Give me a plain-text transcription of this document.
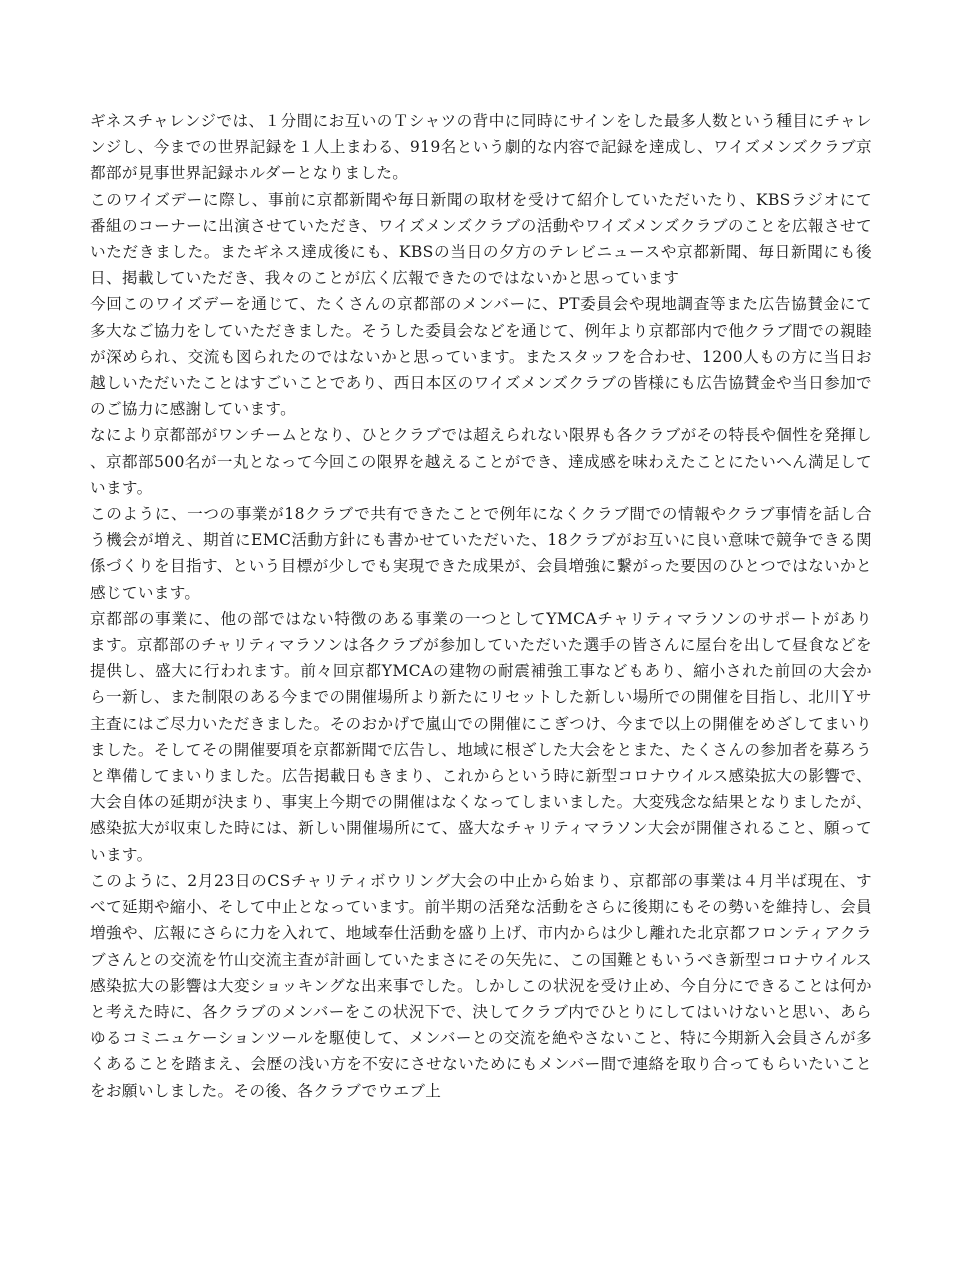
ギネスチャレンジでは、１分間にお互いのＴシャツの背中に同時にサインをした最多人数という種目にチャレンジし、今までの世界記録を１人上まわる、919名という劇的な内容で記録を達成し、ワイズメンズクラブ京都部が見事世界記録ホルダーとなりました。

このワイズデーに際し、事前に京都新聞や毎日新聞の取材を受けて紹介していただいたり、KBSラジオにて番組のコーナーに出演させていただき、ワイズメンズクラブの活動やワイズメンズクラブのことを広報させていただきました。またギネス達成後にも、KBSの当日の夕方のテレビニュースや京都新聞、毎日新聞にも後日、掲載していただき、我々のことが広く広報できたのではないかと思っています

今回このワイズデーを通じて、たくさんの京都部のメンバーに、PT委員会や現地調査等また広告協賛金にて多大なご協力をしていただきました。そうした委員会などを通じて、例年より京都部内で他クラブ間での親睦が深められ、交流も図られたのではないかと思っています。またスタッフを合わせ、1200人もの方に当日お越しいただいたことはすごいことであり、西日本区のワイズメンズクラブの皆様にも広告協賛金や当日参加でのご協力に感謝しています。

なにより京都部がワンチームとなり、ひとクラブでは超えられない限界も各クラブがその特長や個性を発揮し、京都部500名が一丸となって今回この限界を越えることができ、達成感を味わえたことにたいへん満足しています。

このように、一つの事業が18クラブで共有できたことで例年になくクラブ間での情報やクラブ事情を話し合う機会が増え、期首にEMC活動方針にも書かせていただいた、18クラブがお互いに良い意味で競争できる関係づくりを目指す、という目標が少しでも実現できた成果が、会員増強に繋がった要因のひとつではないかと感じています。

京都部の事業に、他の部ではない特徴のある事業の一つとしてYMCAチャリティマラソンのサポートがあります。京都部のチャリティマラソンは各クラブが参加していただいた選手の皆さんに屋台を出して昼食などを提供し、盛大に行われます。前々回京都YMCAの建物の耐震補強工事などもあり、縮小された前回の大会から一新し、また制限のある今までの開催場所より新たにリセットした新しい場所での開催を目指し、北川Ｙサ主査にはご尽力いただきました。そのおかげで嵐山での開催にこぎつけ、今まで以上の開催をめざしてまいりました。そしてその開催要項を京都新聞で広告し、地域に根ざした大会をとまた、たくさんの参加者を募ろうと準備してまいりました。広告掲載日もきまり、これからという時に新型コロナウイルス感染拡大の影響で、大会自体の延期が決まり、事実上今期での開催はなくなってしまいました。大変残念な結果となりましたが、感染拡大が収束した時には、新しい開催場所にて、盛大なチャリティマラソン大会が開催されること、願っています。

このように、2月23日のCSチャリティボウリング大会の中止から始まり、京都部の事業は４月半ば現在、すべて延期や縮小、そして中止となっています。前半期の活発な活動をさらに後期にもその勢いを維持し、会員増強や、広報にさらに力を入れて、地域奉仕活動を盛り上げ、市内からは少し離れた北京都フロンティアクラブさんとの交流を竹山交流主査が計画していたまさにその矢先に、この国難ともいうべき新型コロナウイルス感染拡大の影響は大変ショッキングな出来事でした。しかしこの状況を受け止め、今自分にできることは何かと考えた時に、各クラブのメンバーをこの状況下で、決してクラブ内でひとりにしてはいけないと思い、あらゆるコミニュケーションツールを駆使して、メンバーとの交流を絶やさないこと、特に今期新入会員さんが多くあることを踏まえ、会歴の浅い方を不安にさせないためにもメンバー間で連絡を取り合ってもらいたいことをお願いしました。その後、各クラブでウエブ上
